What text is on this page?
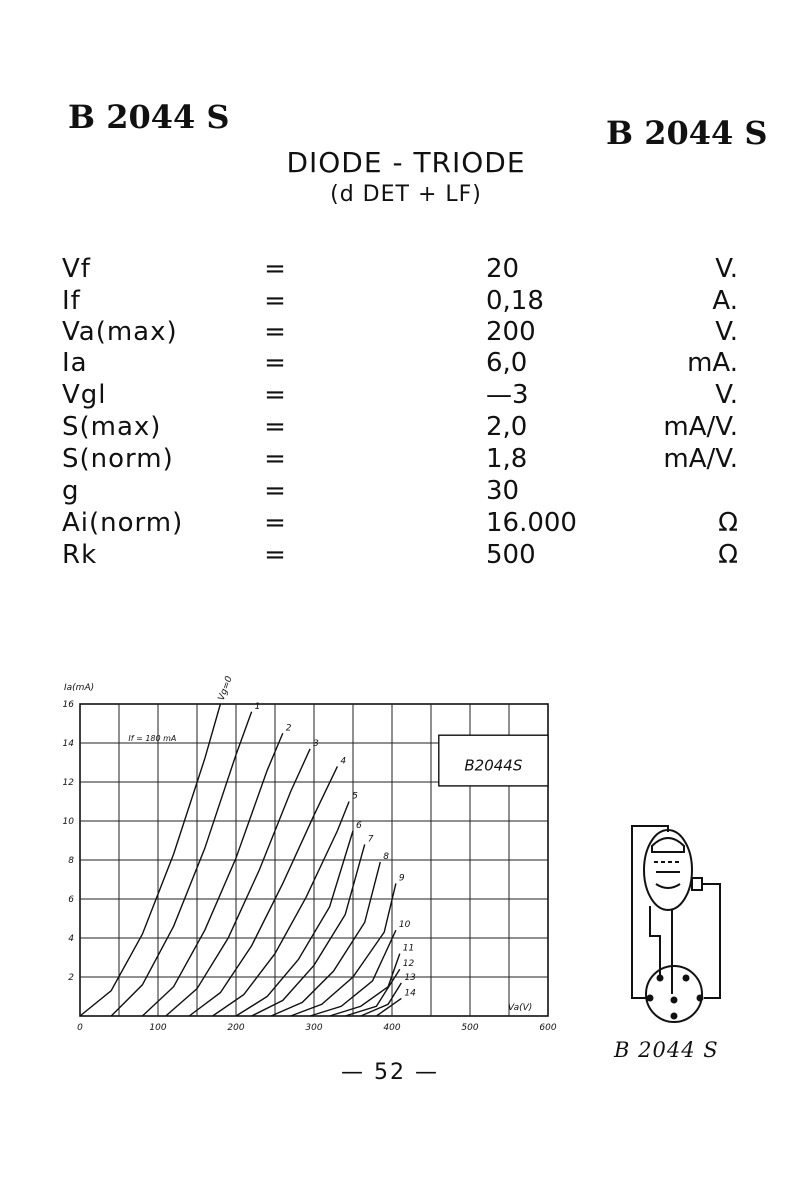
B 2044 S	B 2044 S
DIODE - TRIODE
(d DET + LF)
Vf	=	20	V.
If	=	0,18	A.
Va(max)	=	200	V.
Ia	=	6,0	mA.
Vgl	=	—3	V.
S(max)	=	2,0	mA/V.
S(norm)	=	1,8	mA/V.
g	=	30
Ai(norm)	=	16.000	Ω
Rk	=	500	Ω
0	100	200	300	400	500	600
2
4
6
8
10
12
14
16
Ia(mA)
Va(V)
B2044S
If = 180 mA
Vg=0
1
2
3
4
5
6
7
8
9
10
11
12
13
14
B 2044 S
— 52 —
